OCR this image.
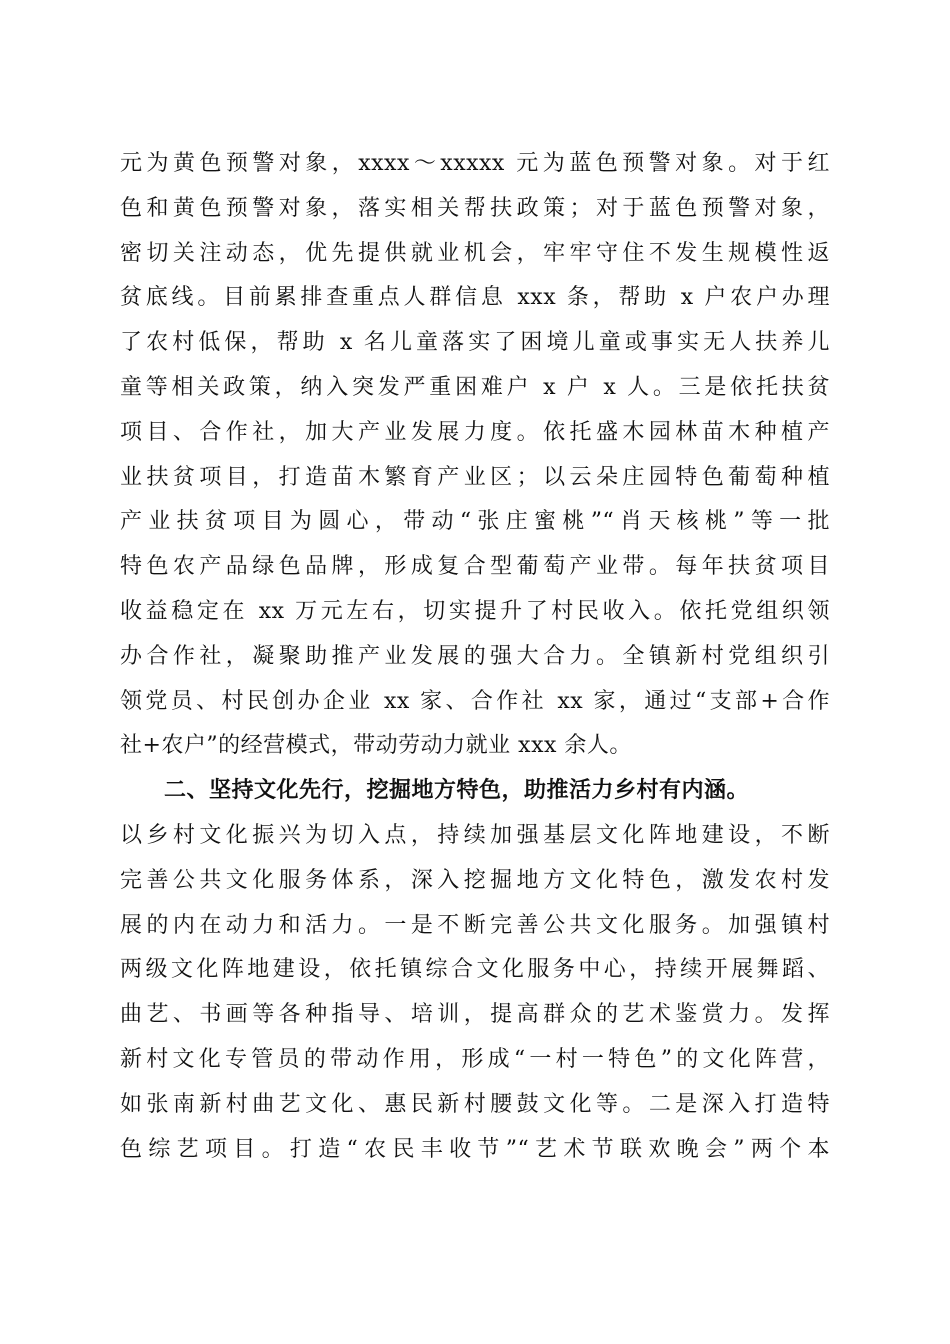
元为黄色预警对象，xxxx～xxxxx 元为蓝色预警对象。对于红
色和黄色预警对象，落实相关帮扶政策；对于蓝色预警对象，
密切关注动态，优先提供就业机会，牢牢守住不发生规模性返
贫底线。目前累排查重点人群信息 xxx 条，帮助 x 户农户办理
了农村低保，帮助 x 名儿童落实了困境儿童或事实无人扶养儿
童等相关政策，纳入突发严重困难户 x 户 x 人。三是依托扶贫
项目、合作社，加大产业发展力度。依托盛木园林苗木种植产
业扶贫项目，打造苗木繁育产业区；以云朵庄园特色葡萄种植
产业扶贫项目为圆心，带动“张庄蜜桃”“肖天核桃”等一批
特色农产品绿色品牌，形成复合型葡萄产业带。每年扶贫项目
收益稳定在 xx 万元左右，切实提升了村民收入。依托党组织领
办合作社，凝聚助推产业发展的强大合力。全镇新村党组织引
领党员、村民创办企业 xx 家、合作社 xx 家，通过“支部+合作
社+农户”的经营模式，带动劳动力就业 xxx 余人。
二、坚持文化先行，挖掘地方特色，助推活力乡村有内涵。
以乡村文化振兴为切入点，持续加强基层文化阵地建设，不断
完善公共文化服务体系，深入挖掘地方文化特色，激发农村发
展的内在动力和活力。一是不断完善公共文化服务。加强镇村
两级文化阵地建设，依托镇综合文化服务中心，持续开展舞蹈、
曲艺、书画等各种指导、培训，提高群众的艺术鉴赏力。发挥
新村文化专管员的带动作用，形成“一村一特色”的文化阵营，
如张南新村曲艺文化、惠民新村腰鼓文化等。二是深入打造特
色综艺项目。打造“农民丰收节”“艺术节联欢晚会”两个本
